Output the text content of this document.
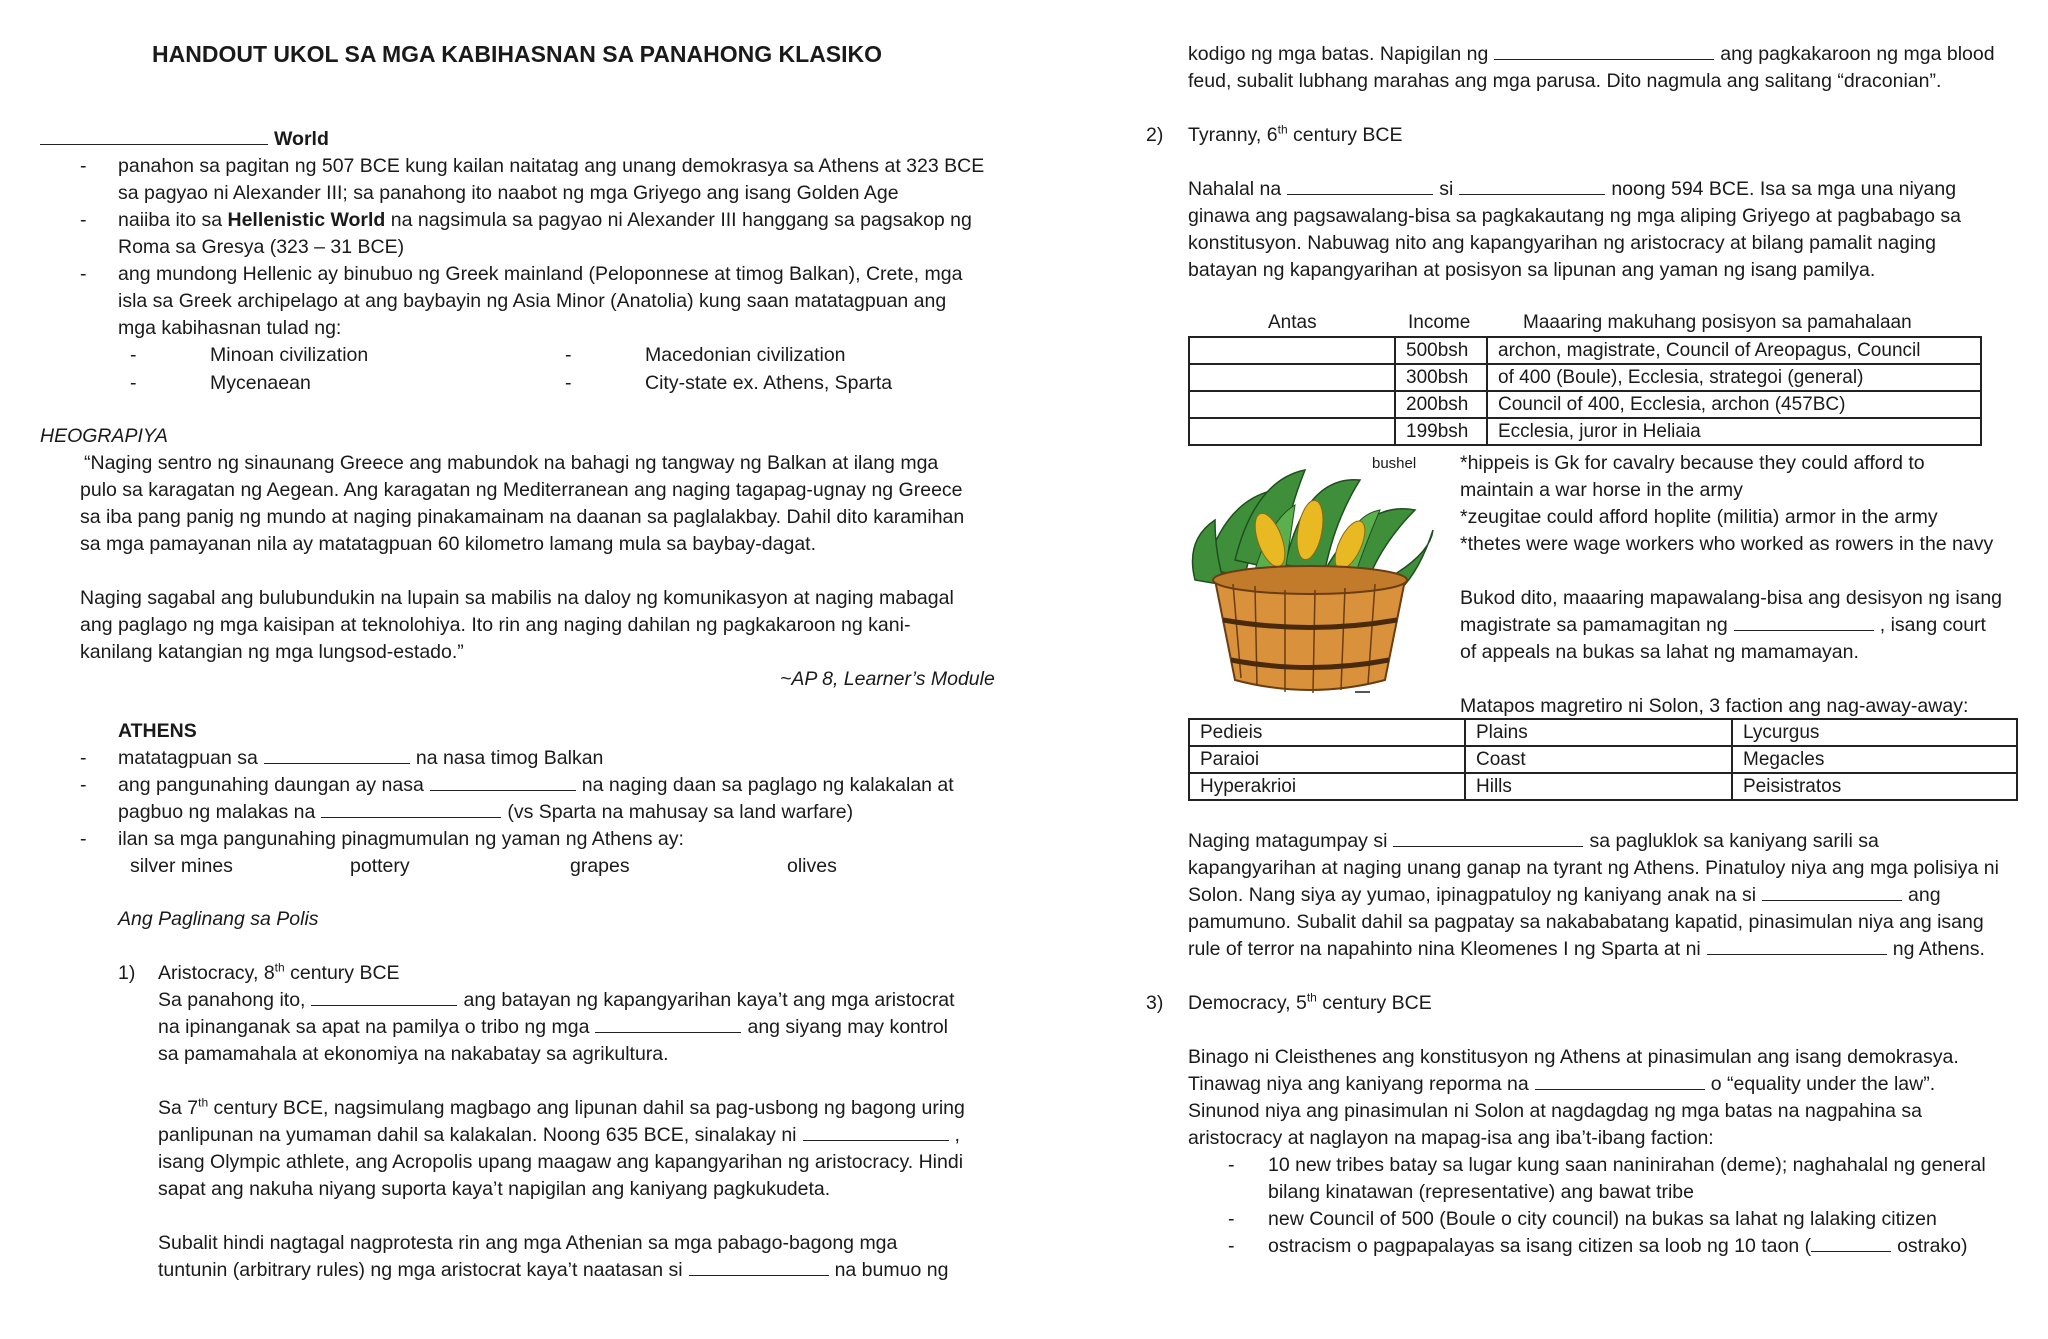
HANDOUT UKOL SA MGA KABIHASNAN SA PANAHONG KLASIKO
World
- panahon sa pagitan ng 507 BCE kung kailan naitatag ang unang demokrasya sa Athens at 323 BCE
sa pagyao ni Alexander III; sa panahong ito naabot ng mga Griyego ang isang Golden Age
- naiiba ito sa Hellenistic World na nagsimula sa pagyao ni Alexander III hanggang sa pagsakop ng
Roma sa Gresya (323 – 31 BCE)
- ang mundong Hellenic ay binubuo ng Greek mainland (Peloponnese at timog Balkan), Crete, mga
isla sa Greek archipelago at ang baybayin ng Asia Minor (Anatolia) kung saan matatagpuan ang
mga kabihasnan tulad ng:
-	Minoan civilization	-	Macedonian civilization
-	Mycenaean	-	City-state ex. Athens, Sparta
HEOGRAPIYA
“Naging sentro ng sinaunang Greece ang mabundok na bahagi ng tangway ng Balkan at ilang mga
pulo sa karagatan ng Aegean. Ang karagatan ng Mediterranean ang naging tagapag-ugnay ng Greece
sa iba pang panig ng mundo at naging pinakamainam na daanan sa paglalakbay. Dahil dito karamihan
sa mga pamayanan nila ay matatagpuan 60 kilometro lamang mula sa baybay-dagat.
Naging sagabal ang bulubundukin na lupain sa mabilis na daloy ng komunikasyon at naging mabagal
ang paglago ng mga kaisipan at teknolohiya. Ito rin ang naging dahilan ng pagkakaroon ng kani-
kanilang katangian ng mga lungsod-estado.”
~AP 8, Learner’s Module
ATHENS
- matatagpuan sa	na nasa timog Balkan
- ang pangunahing daungan ay nasa	na naging daan sa paglago ng kalakalan at
pagbuo ng malakas na	(vs Sparta na mahusay sa land warfare)
- ilan sa mga pangunahing pinagmumulan ng yaman ng Athens ay:
silver mines	pottery	grapes	olives
Ang Paglinang sa Polis
1) Aristocracy, 8th century BCE
Sa panahong ito,	ang batayan ng kapangyarihan kaya’t ang mga aristocrat
na ipinanganak sa apat na pamilya o tribo ng mga	ang siyang may kontrol
sa pamamahala at ekonomiya na nakabatay sa agrikultura.
Sa 7th century BCE, nagsimulang magbago ang lipunan dahil sa pag-usbong ng bagong uring
panlipunan na yumaman dahil sa kalakalan. Noong 635 BCE, sinalakay ni	,
isang Olympic athlete, ang Acropolis upang maagaw ang kapangyarihan ng aristocracy. Hindi
sapat ang nakuha niyang suporta kaya’t napigilan ang kaniyang pagkukudeta.
Subalit hindi nagtagal nagprotesta rin ang mga Athenian sa mga pabago-bagong mga
tuntunin (arbitrary rules) ng mga aristocrat kaya’t naatasan si	na bumuo ng
kodigo ng mga batas. Napigilan ng	ang pagkakaroon ng mga blood
feud, subalit lubhang marahas ang mga parusa. Dito nagmula ang salitang “draconian”.
2) Tyranny, 6th century BCE
Nahalal na	si	noong 594 BCE. Isa sa mga una niyang
ginawa ang pagsawalang-bisa sa pagkakautang ng mga aliping Griyego at pagbabago sa
konstitusyon. Nabuwag nito ang kapangyarihan ng aristocracy at bilang pamalit naging
batayan ng kapangyarihan at posisyon sa lipunan ang yaman ng isang pamilya.
Antas	Income	Maaaring makuhang posisyon sa pamahalaan
	500bsh	archon, magistrate, Council of Areopagus, Council
	300bsh	of 400 (Boule), Ecclesia, strategoi (general)
	200bsh	Council of 400, Ecclesia, archon (457BC)
	199bsh	Ecclesia, juror in Heliaia
bushel *hippeis is Gk for cavalry because they could afford to
maintain a war horse in the army
*zeugitae could afford hoplite (militia) armor in the army
*thetes were wage workers who worked as rowers in the navy
Bukod dito, maaaring mapawalang-bisa ang desisyon ng isang
magistrate sa pamamagitan ng	, isang court
of appeals na bukas sa lahat ng mamamayan.
Matapos magretiro ni Solon, 3 faction ang nag-away-away:
Pedieis	Plains	Lycurgus
Paraioi	Coast	Megacles
Hyperakrioi	Hills	Peisistratos
Naging matagumpay si	sa pagluklok sa kaniyang sarili sa
kapangyarihan at naging unang ganap na tyrant ng Athens. Pinatuloy niya ang mga polisiya ni
Solon. Nang siya ay yumao, ipinagpatuloy ng kaniyang anak na si	ang
pamumuno. Subalit dahil sa pagpatay sa nakababatang kapatid, pinasimulan niya ang isang
rule of terror na napahinto nina Kleomenes I ng Sparta at ni	ng Athens.
3) Democracy, 5th century BCE
Binago ni Cleisthenes ang konstitusyon ng Athens at pinasimulan ang isang demokrasya.
Tinawag niya ang kaniyang reporma na	o “equality under the law”.
Sinunod niya ang pinasimulan ni Solon at nagdagdag ng mga batas na nagpahina sa
aristocracy at naglayon na mapag-isa ang iba’t-ibang faction:
- 10 new tribes batay sa lugar kung saan naninirahan (deme); naghahalal ng general
bilang kinatawan (representative) ang bawat tribe
- new Council of 500 (Boule o city council) na bukas sa lahat ng lalaking citizen
- ostracism o pagpapalayas sa isang citizen sa loob ng 10 taon (	ostrako)
